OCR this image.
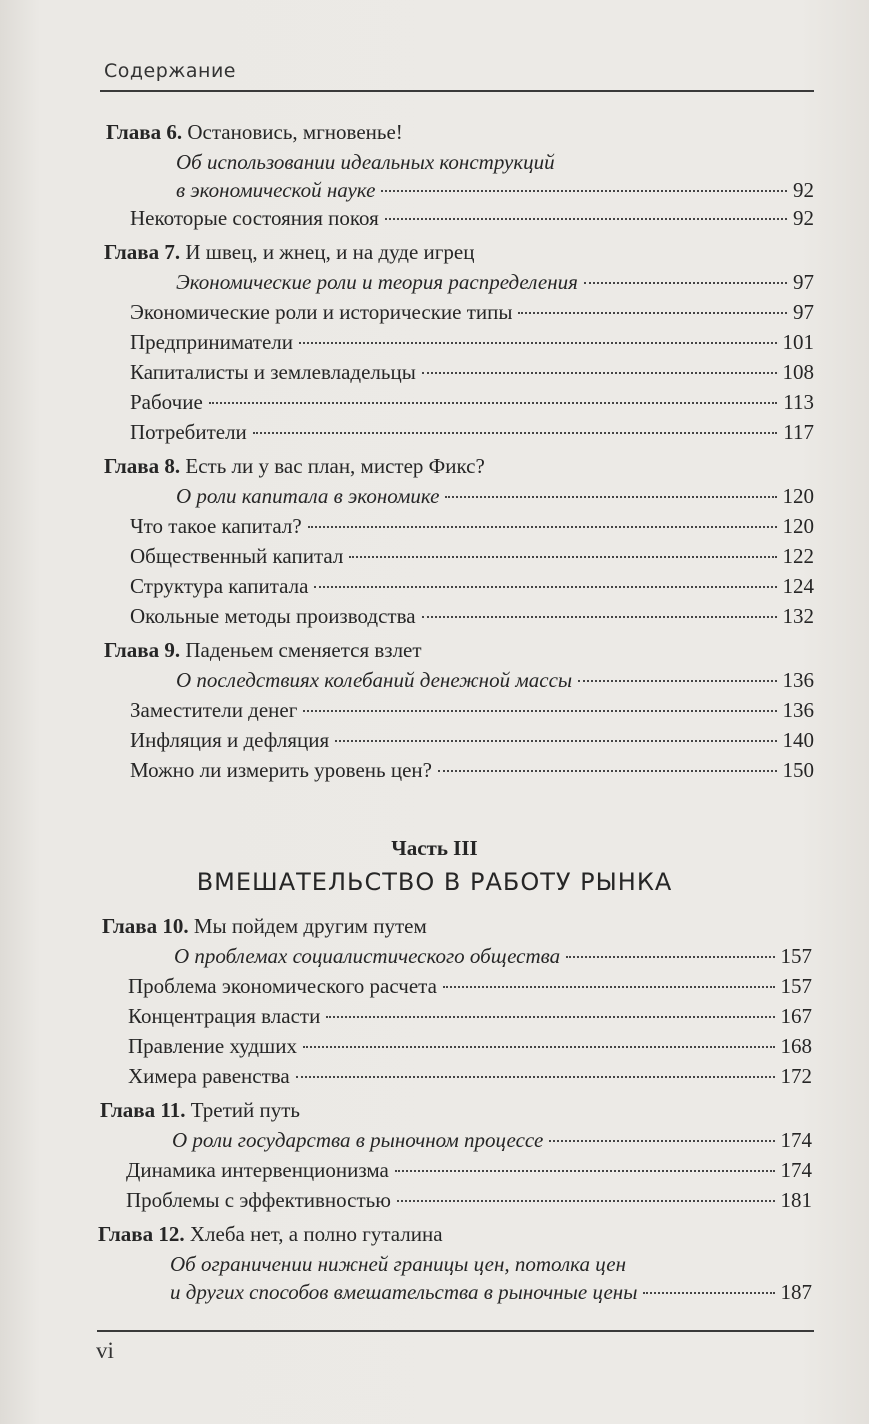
Содержание
Глава 6. Остановись, мгновенье!
Об использовании идеальных конструкций
в экономической науке	92
Некоторые состояния покоя	92
Глава 7. И швец, и жнец, и на дуде игрец
Экономические роли и теория распределения	97
Экономические роли и исторические типы	97
Предприниматели	101
Капиталисты и землевладельцы	108
Рабочие	113
Потребители	117
Глава 8. Есть ли у вас план, мистер Фикс?
О роли капитала в экономике	120
Что такое капитал?	120
Общественный капитал	122
Структура капитала	124
Окольные методы производства	132
Глава 9. Паденьем сменяется взлет
О последствиях колебаний денежной массы	136
Заместители денег	136
Инфляция и дефляция	140
Можно ли измерить уровень цен?	150
Часть III
ВМЕШАТЕЛЬСТВО В РАБОТУ РЫНКА
Глава 10. Мы пойдем другим путем
О проблемах социалистического общества	157
Проблема экономического расчета	157
Концентрация власти	167
Правление худших	168
Химера равенства	172
Глава 11. Третий путь
О роли государства в рыночном процессе	174
Динамика интервенционизма	174
Проблемы с эффективностью	181
Глава 12. Хлеба нет, а полно гуталина
Об ограничении нижней границы цен, потолка цен
и других способов вмешательства в рыночные цены	187
vi
